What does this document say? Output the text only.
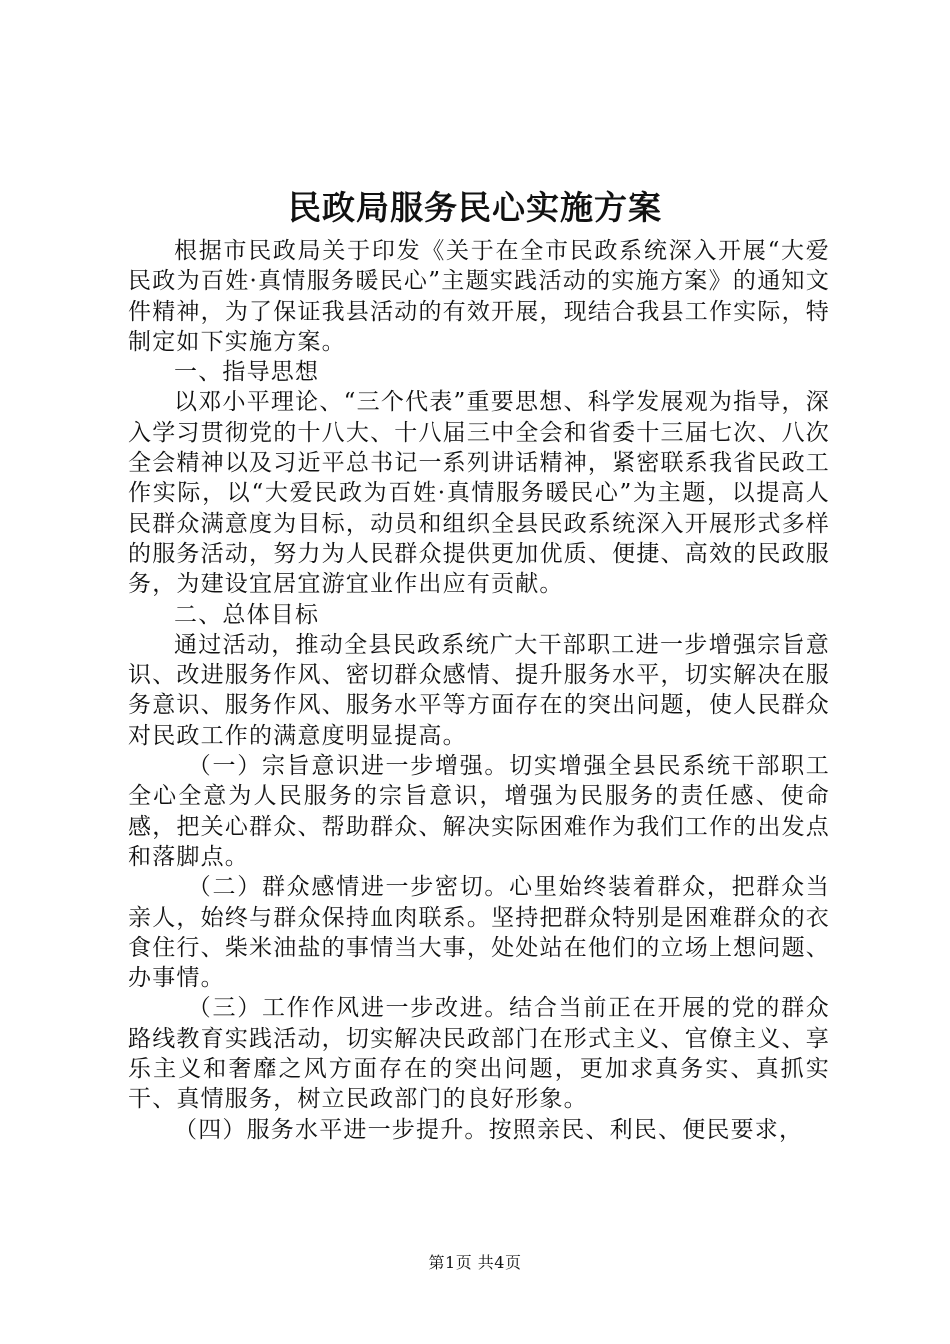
民政局服务民心实施方案

根据市民政局关于印发《关于在全市民政系统深入开展“大爱民政为百姓·真情服务暖民心”主题实践活动的实施方案》的通知文件精神，为了保证我县活动的有效开展，现结合我县工作实际，特制定如下实施方案。

一、指导思想

以邓小平理论、“三个代表”重要思想、科学发展观为指导，深入学习贯彻党的十八大、十八届三中全会和省委十三届七次、八次全会精神以及习近平总书记一系列讲话精神，紧密联系我省民政工作实际，以“大爱民政为百姓·真情服务暖民心”为主题，以提高人民群众满意度为目标，动员和组织全县民政系统深入开展形式多样的服务活动，努力为人民群众提供更加优质、便捷、高效的民政服务，为建设宜居宜游宜业作出应有贡献。

二、总体目标

通过活动，推动全县民政系统广大干部职工进一步增强宗旨意识、改进服务作风、密切群众感情、提升服务水平，切实解决在服务意识、服务作风、服务水平等方面存在的突出问题，使人民群众对民政工作的满意度明显提高。

（一）宗旨意识进一步增强。切实增强全县民系统干部职工全心全意为人民服务的宗旨意识，增强为民服务的责任感、使命感，把关心群众、帮助群众、解决实际困难作为我们工作的出发点和落脚点。

（二）群众感情进一步密切。心里始终装着群众，把群众当亲人，始终与群众保持血肉联系。坚持把群众特别是困难群众的衣食住行、柴米油盐的事情当大事，处处站在他们的立场上想问题、办事情。

（三）工作作风进一步改进。结合当前正在开展的党的群众路线教育实践活动，切实解决民政部门在形式主义、官僚主义、享乐主义和奢靡之风方面存在的突出问题，更加求真务实、真抓实干、真情服务，树立民政部门的良好形象。

（四）服务水平进一步提升。按照亲民、利民、便民要求，

第1页 共4页
